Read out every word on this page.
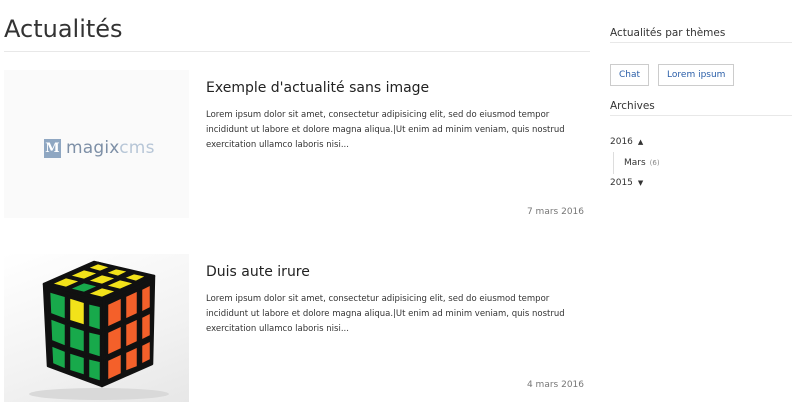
Actualités
M magixcms
Exemple d'actualité sans image

Lorem ipsum dolor sit amet, consectetur adipisicing elit, sed do eiusmod tempor incididunt ut labore et dolore magna aliqua.|Ut enim ad minim veniam, quis nostrud exercitation ullamco laboris nisi...

7 mars 2016
Duis aute irure

Lorem ipsum dolor sit amet, consectetur adipisicing elit, sed do eiusmod tempor incididunt ut labore et dolore magna aliqua.|Ut enim ad minim veniam, quis nostrud exercitation ullamco laboris nisi...

4 mars 2016
Actualités par thèmes
Chat	Lorem ipsum
Archives
2016 ▲
Mars (6)
2015 ▼
